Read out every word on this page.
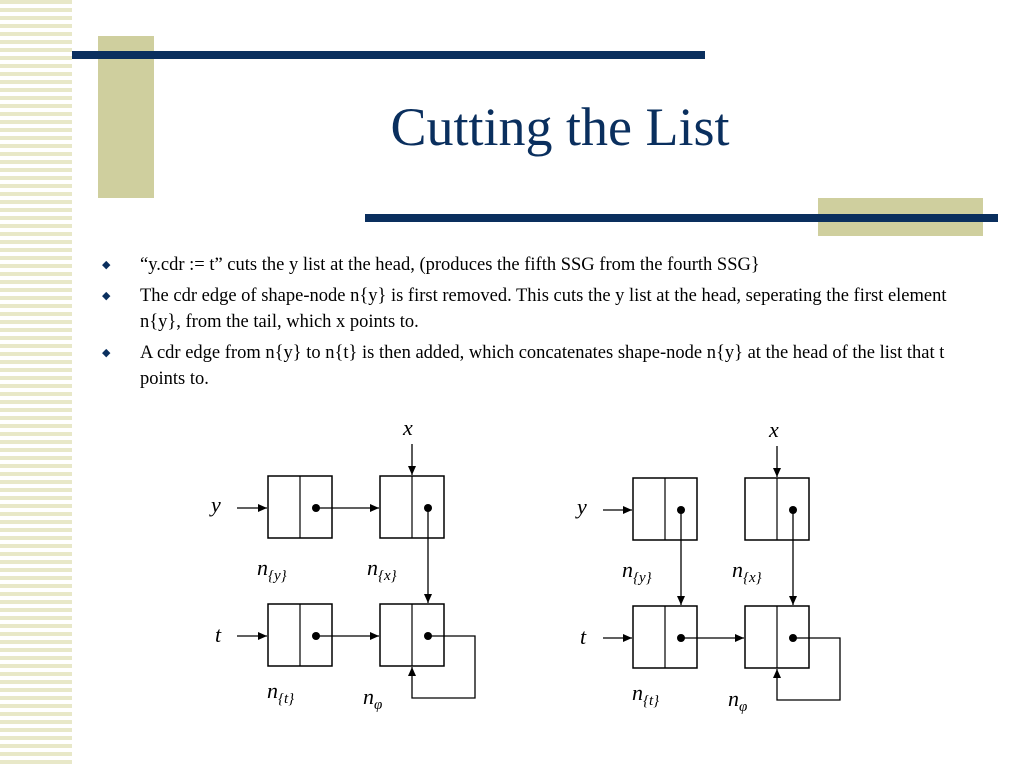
Cutting the List
◆ “y.cdr := t” cuts the y list at the head, (produces the fifth SSG from the fourth SSG}
◆ The cdr edge of shape-node n{y} is first removed. This cuts the y list at the head, seperating the first element n{y}, from the tail, which x points to.
◆ A cdr edge from n{y} to n{t} is then added, which concatenates shape-node n{y} at the head of the list that t points to.
x
y
t
n{y}	n{x}
n{t}	nφ
x
y
t
n{y}	n{x}
n{t}	nφ
